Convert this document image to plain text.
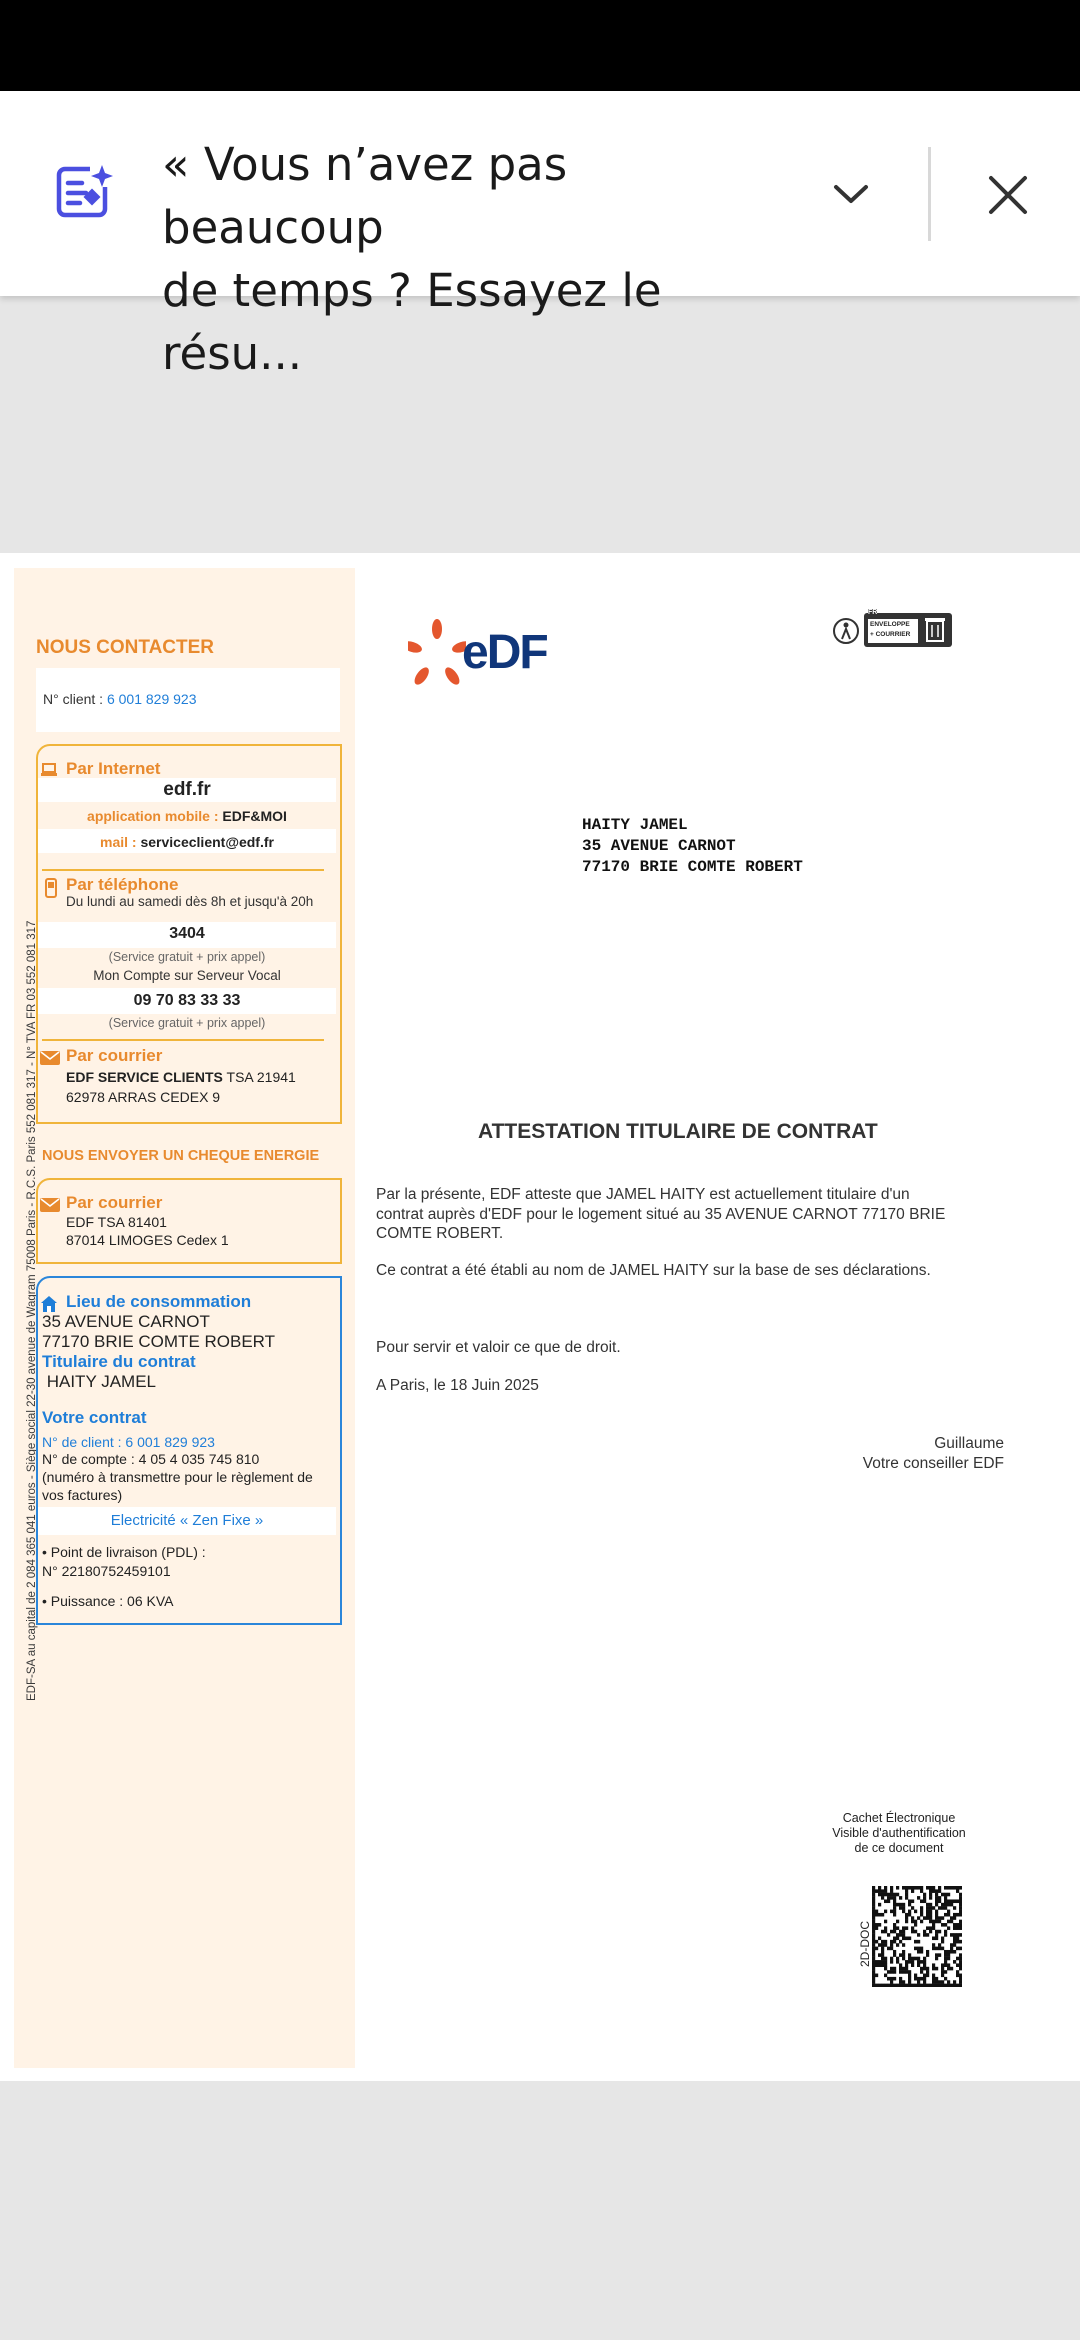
« Vous n’avez pas beaucoup
de temps ? Essayez le résu...
EDF-SA au capital de 2 084 365 041 euros - Siège social 22-30 avenue de Wagram 75008 Paris - R.C.S. Paris 552 081 317 - N° TVA FR 03 552 081 317
NOUS CONTACTER
N° client : 6 001 829 923
Par Internet
edf.fr
application mobile : EDF&MOI
mail : serviceclient@edf.fr
Par téléphone
Du lundi au samedi dès 8h et jusqu'à 20h
3404
(Service gratuit + prix appel)
Mon Compte sur Serveur Vocal
09 70 83 33 33
(Service gratuit + prix appel)
Par courrier
EDF SERVICE CLIENTS TSA 21941
62978 ARRAS CEDEX 9
NOUS ENVOYER UN CHEQUE ENERGIE
Par courrier
EDF TSA 81401
87014 LIMOGES Cedex 1
Lieu de consommation
35 AVENUE CARNOT
77170 BRIE COMTE ROBERT
Titulaire du contrat
HAITY JAMEL
Votre contrat
N° de client : 6 001 829 923
N° de compte : 4 05 4 035 745 810
(numéro à transmettre pour le règlement de
vos factures)
Electricité « Zen Fixe »
• Point de livraison (PDL) :
N° 22180752459101
• Puissance : 06 KVA
eDF
FR
ENVELOPPE
+ COURRIER
HAITY JAMEL
35 AVENUE CARNOT
77170 BRIE COMTE ROBERT
ATTESTATION TITULAIRE DE CONTRAT
Par la présente, EDF atteste que JAMEL HAITY est actuellement titulaire d'un
contrat auprès d'EDF pour le logement situé au 35 AVENUE CARNOT 77170 BRIE
COMTE ROBERT.
Ce contrat a été établi au nom de JAMEL HAITY sur la base de ses déclarations.
Pour servir et valoir ce que de droit.
A Paris, le 18 Juin 2025
Guillaume
Votre conseiller EDF
Cachet Électronique
Visible d'authentification
de ce document
2D-DOC
